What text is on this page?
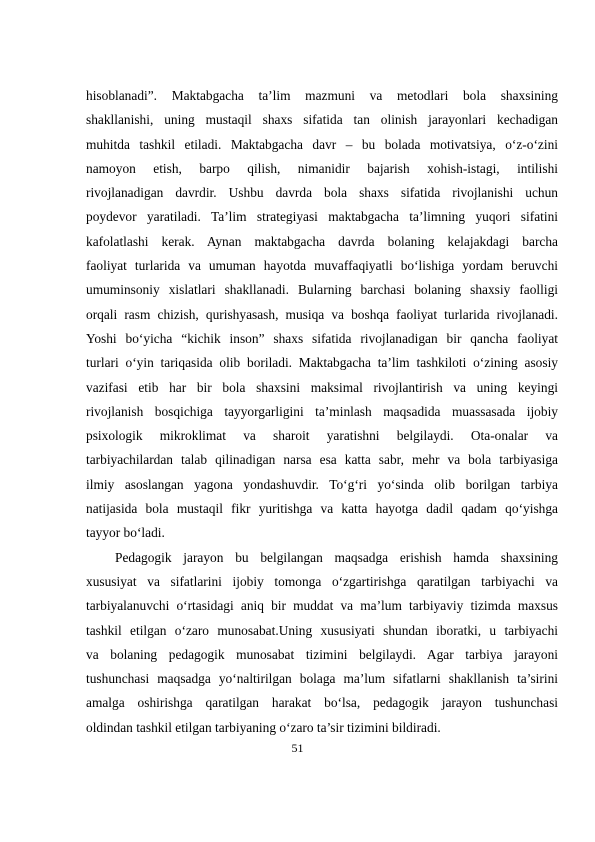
hisoblanadi”. Maktabgacha ta’lim mazmuni va metodlari bola shaxsining
shakllanishi, uning mustaqil shaxs sifatida tan olinish jarayonlari kechadigan
muhitda tashkil etiladi. Maktabgacha davr – bu bolada motivatsiya, o‘z-o‘zini
namoyon etish, barpo qilish, nimanidir bajarish xohish-istagi, intilishi
rivojlanadigan davrdir. Ushbu davrda bola shaxs sifatida rivojlanishi uchun
poydevor yaratiladi. Ta’lim strategiyasi maktabgacha ta’limning yuqori sifatini
kafolatlashi kerak. Aynan maktabgacha davrda bolaning kelajakdagi barcha
faoliyat turlarida va umuman hayotda muvaffaqiyatli bo‘lishiga yordam beruvchi
umuminsoniy xislatlari shakllanadi. Bularning barchasi bolaning shaxsiy faolligi
orqali rasm chizish, qurishyasash, musiqa va boshqa faoliyat turlarida rivojlanadi.
Yoshi bo‘yicha “kichik inson” shaxs sifatida rivojlanadigan bir qancha faoliyat
turlari o‘yin tariqasida olib boriladi. Maktabgacha ta’lim tashkiloti o‘zining asosiy
vazifasi etib har bir bola shaxsini maksimal rivojlantirish va uning keyingi
rivojlanish bosqichiga tayyorgarligini ta’minlash maqsadida muassasada ijobiy
psixologik mikroklimat va sharoit yaratishni belgilaydi. Ota-onalar va
tarbiyachilardan talab qilinadigan narsa esa katta sabr, mehr va bola tarbiyasiga
ilmiy asoslangan yagona yondashuvdir. To‘g‘ri yo‘sinda olib borilgan tarbiya
natijasida bola mustaqil fikr yuritishga va katta hayotga dadil qadam qo‘yishga
tayyor bo‘ladi.
Pedagogik jarayon bu belgilangan maqsadga erishish hamda shaxsining
xususiyat va sifatlarini ijobiy tomonga o‘zgartirishga qaratilgan tarbiyachi va
tarbiyalanuvchi o‘rtasidagi aniq bir muddat va ma’lum tarbiyaviy tizimda maxsus
tashkil etilgan o‘zaro munosabat.Uning xususiyati shundan iboratki, u tarbiyachi
va bolaning pedagogik munosabat tizimini belgilaydi. Agar tarbiya jarayoni
tushunchasi maqsadga yo‘naltirilgan bolaga ma’lum sifatlarni shakllanish ta’sirini
amalga oshirishga qaratilgan harakat bo‘lsa, pedagogik jarayon tushunchasi
oldindan tashkil etilgan tarbiyaning o‘zaro ta’sir tizimini bildiradi.
51
